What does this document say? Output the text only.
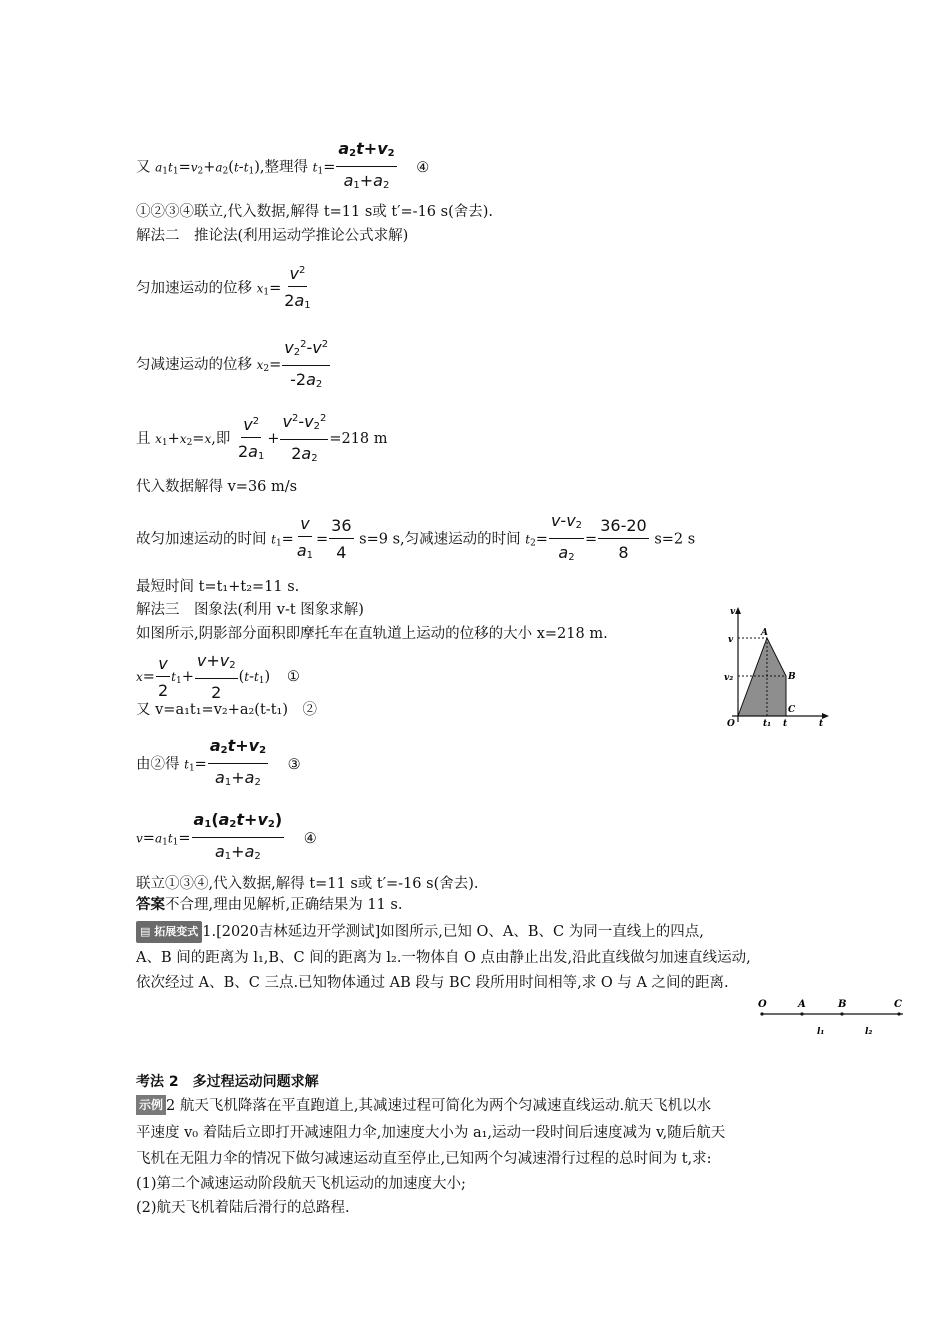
又 $a_1t_1=v_2+a_2(t-t_1)$,整理得 $t_1= \frac{a_2t+v_2}{a_1+a_2}$ ④
①②③④联立,代入数据,解得 t=11 s或 t′=-16 s(舍去).
解法二　推论法(利用运动学推论公式求解)
匀加速运动的位移 $x_1= \frac{v^2}{2a_1}$
匀减速运动的位移 $x_2= \frac{v_2^2-v^2}{-2a_2}$
且 $x_1+x_2=x$,即 $\frac{v^2}{2a_1} + \frac{v^2-v_2^2}{2a_2} =218$ m
代入数据解得 v=36 m/s
故匀加速运动的时间 $t_1= \frac{v}{a_1} = \frac{36}{4} s=9$ s,匀减速运动的时间 $t_2= \frac{v-v_2}{a_2} = \frac{36-20}{8} s=2$ s
最短时间 t=t₁+t₂=11 s.
解法三　图象法(利用 v-t 图象求解)
如图所示,阴影部分面积即摩托车在直轨道上运动的位移的大小 x=218 m.
$x= \frac{v}{2} t_1+ \frac{v+v_2}{2} (t-t_1)$ ①
又 v=a₁t₁=v₂+a₂(t-t₁)　②
由②得 $t_1= \frac{a_2t+v_2}{a_1+a_2}$ ③
$v=a_1t_1= \frac{a_1(a_2t+v_2)}{a_1+a_2}$ ④
联立①③④,代入数据,解得 t=11 s或 t′=-16 s(舍去).
答案不合理,理由见解析,正确结果为 11 s.
▤ 拓展变式 1.[2020吉林延边开学测试]如图所示,已知 O、A、B、C 为同一直线上的四点,
A、B 间的距离为 l₁,B、C 间的距离为 l₂.一物体自 O 点由静止出发,沿此直线做匀加速直线运动,
依次经过 A、B、C 三点.已知物体通过 AB 段与 BC 段所用时间相等,求 O 与 A 之间的距离.
考法 2　多过程运动问题求解
示例 2 航天飞机降落在平直跑道上,其减速过程可简化为两个匀减速直线运动.航天飞机以水
平速度 v₀ 着陆后立即打开减速阻力伞,加速度大小为 a₁,运动一段时间后速度减为 v,随后航天
飞机在无阻力伞的情况下做匀减速运动直至停止,已知两个匀减速滑行过程的总时间为 t,求:
(1)第二个减速运动阶段航天飞机运动的加速度大小;
(2)航天飞机着陆后滑行的总路程.
v
v
v₂
A
B
C
O	t₁ t	t
O	A	B	C
l₁	l₂
